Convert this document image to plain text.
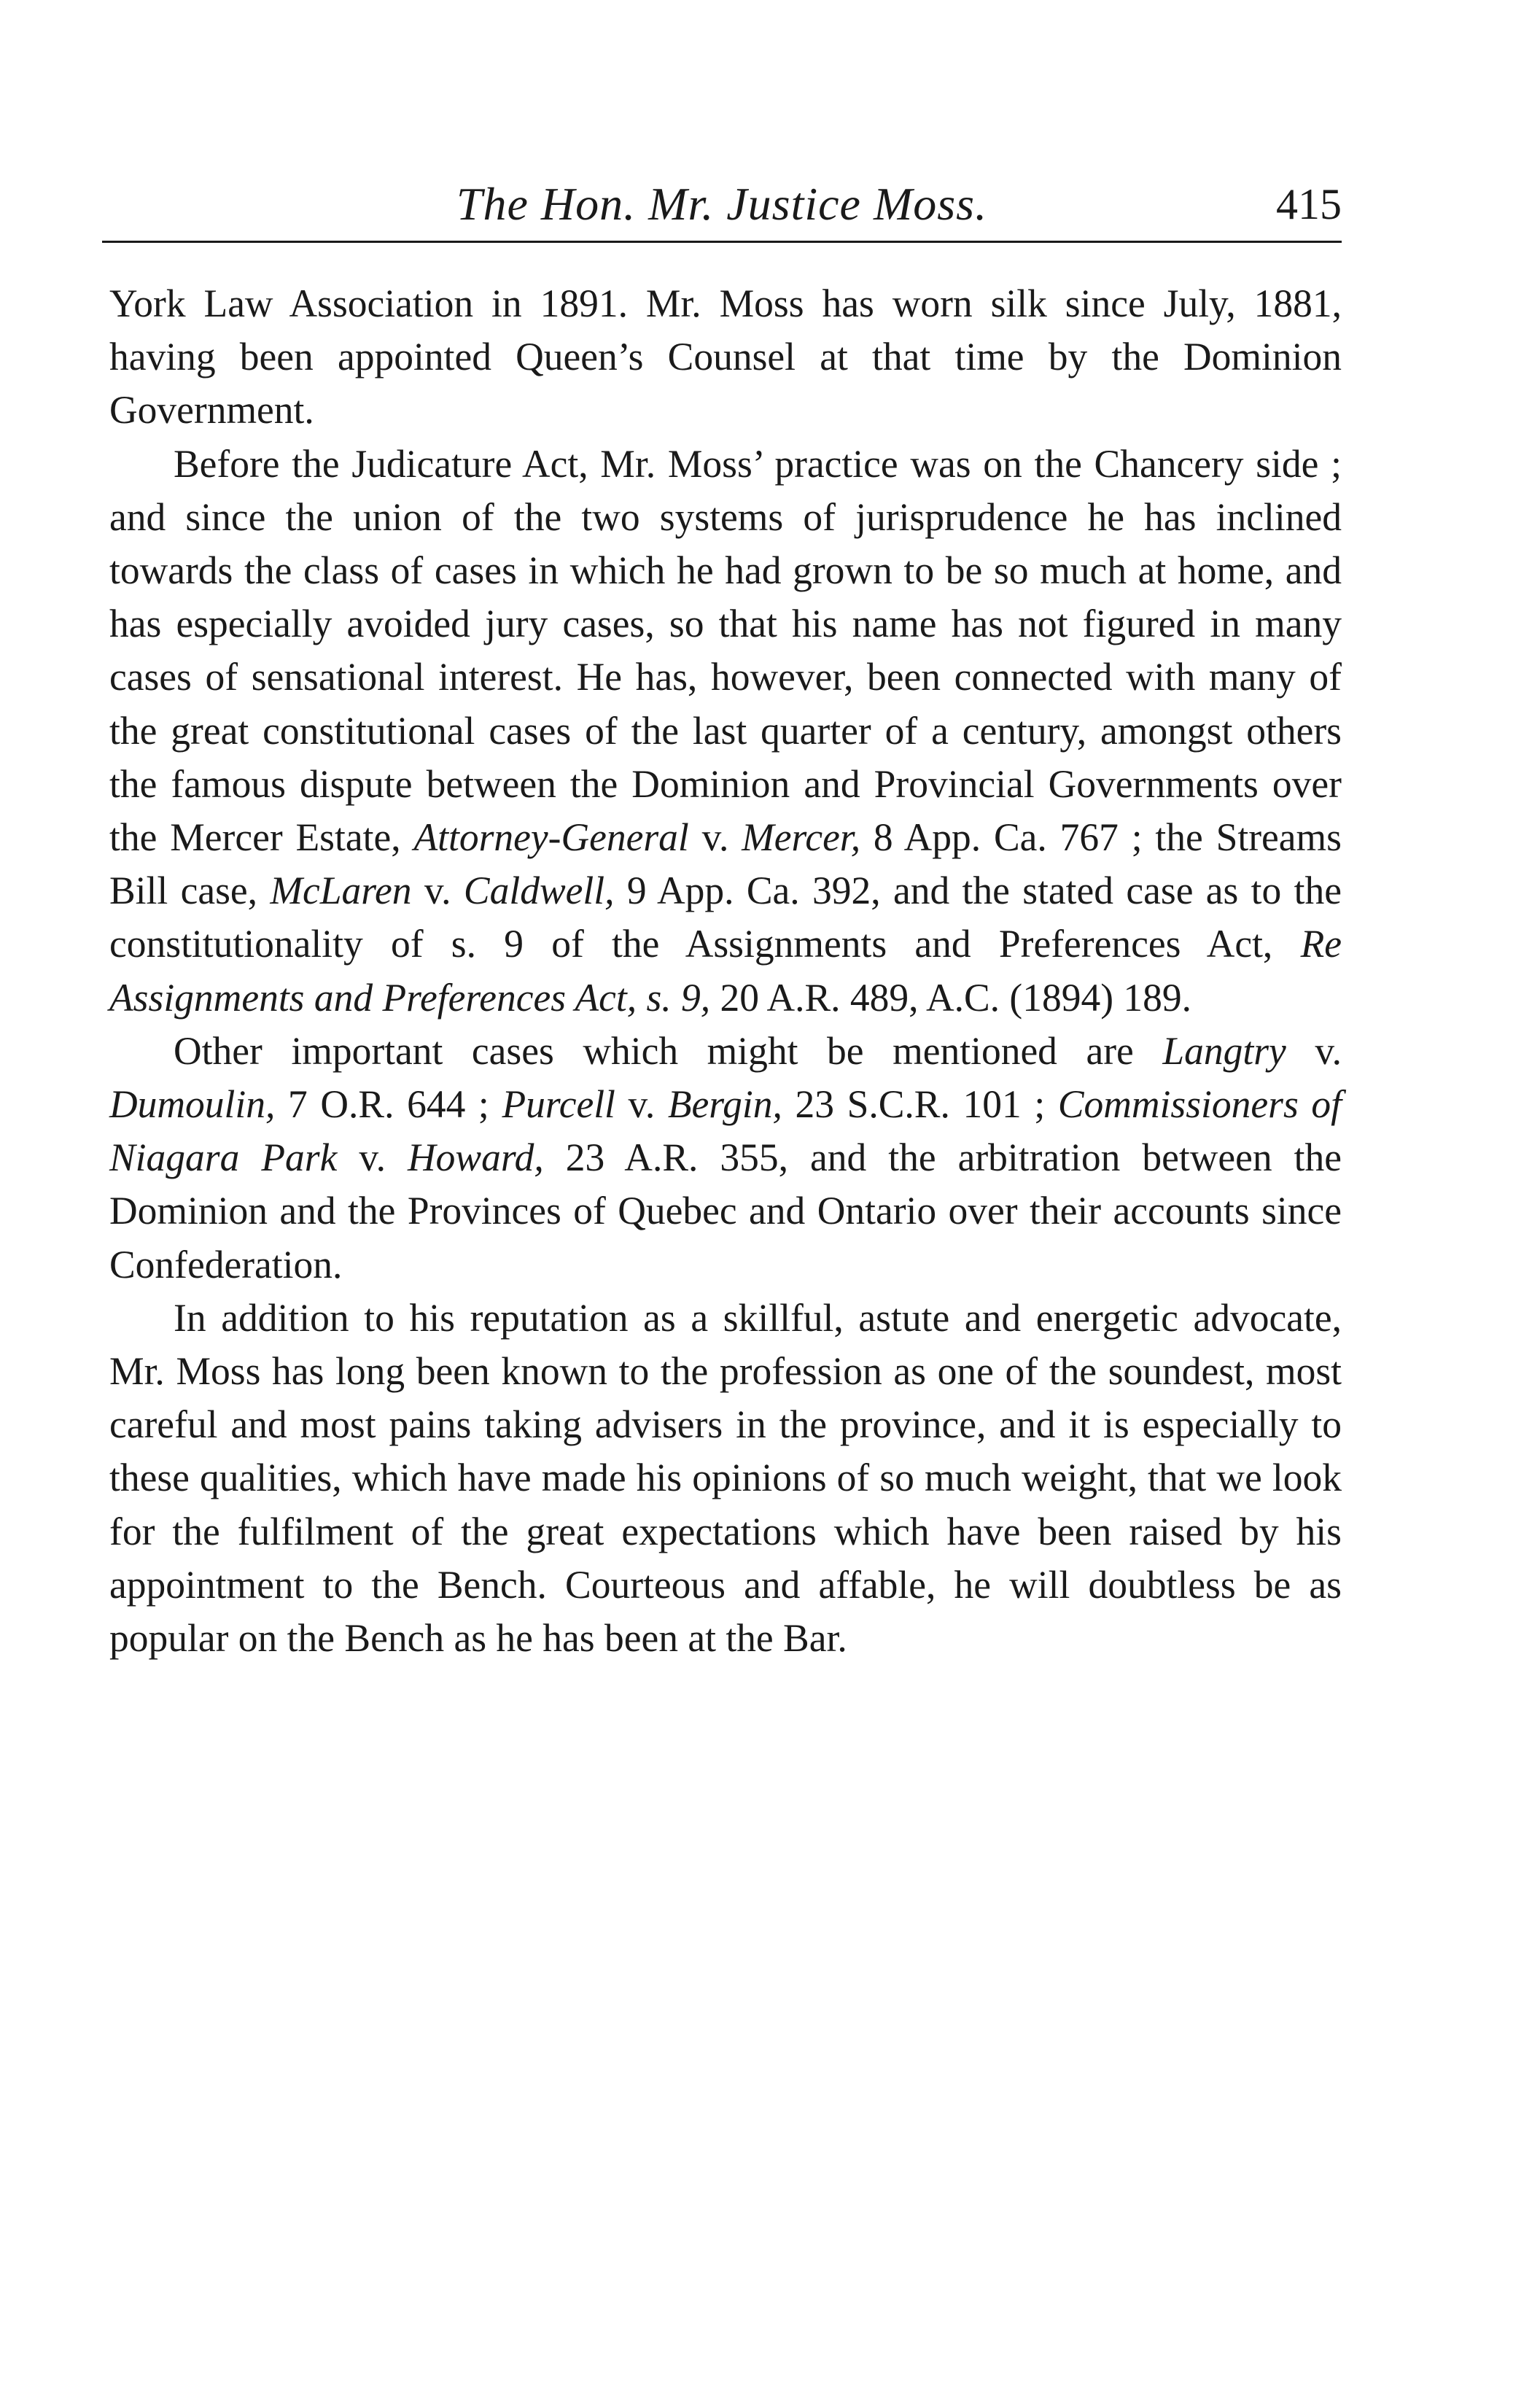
The Hon. Mr. Justice Moss.	415

York Law Association in 1891. Mr. Moss has worn silk since July, 1881, having been appointed Queen’s Counsel at that time by the Dominion Government.

Before the Judicature Act, Mr. Moss’ practice was on the Chancery side ; and since the union of the two systems of jurisprudence he has inclined towards the class of cases in which he had grown to be so much at home, and has especially avoided jury cases, so that his name has not figured in many cases of sensational interest. He has, however, been connected with many of the great constitutional cases of the last quarter of a century, amongst others the famous dispute between the Dominion and Provincial Governments over the Mercer Estate, Attorney-General v. Mercer, 8 App. Ca. 767 ; the Streams Bill case, McLaren v. Caldwell, 9 App. Ca. 392, and the stated case as to the constitutionality of s. 9 of the Assignments and Preferences Act, Re Assignments and Preferences Act, s. 9, 20 A.R. 489, A.C. (1894) 189.

Other important cases which might be mentioned are Langtry v. Dumoulin, 7 O.R. 644 ; Purcell v. Bergin, 23 S.C.R. 101 ; Commissioners of Niagara Park v. Howard, 23 A.R. 355, and the arbitration between the Dominion and the Provinces of Quebec and Ontario over their accounts since Confederation.

In addition to his reputation as a skillful, astute and energetic advocate, Mr. Moss has long been known to the profession as one of the soundest, most careful and most pains taking advisers in the province, and it is especially to these qualities, which have made his opinions of so much weight, that we look for the fulfilment of the great expectations which have been raised by his appointment to the Bench. Courteous and affable, he will doubtless be as popular on the Bench as he has been at the Bar.
